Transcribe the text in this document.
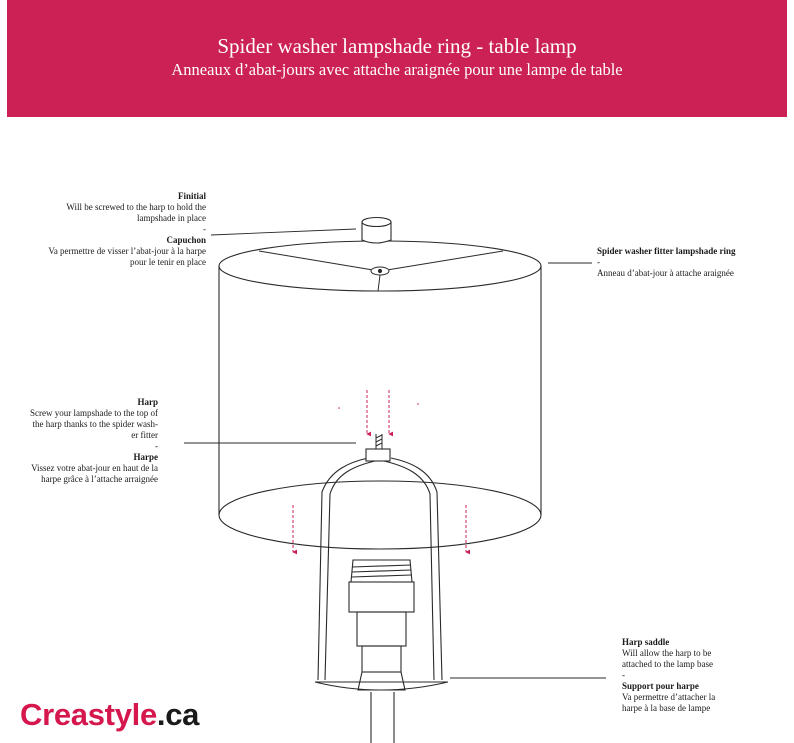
Spider washer lampshade ring - table lamp
Anneaux d’abat-jours avec attache araignée pour une lampe de table
Finitial
Will be screwed to the harp to hold the
lampshade in place
-
Capuchon
Va permettre de visser l’abat-jour à la harpe
pour le tenir en place
Spider washer fitter lampshade ring
-
Anneau d’abat-jour à attache araignée
Harp
Screw your lampshade to the top of
the harp thanks to the spider wash-
er fitter
-
Harpe
Vissez votre abat-jour en haut de la
harpe grâce à l’attache arraignée
Harp saddle
Will allow the harp to be
attached to the lamp base
-
Support pour harpe
Va permettre d’attacher la
harpe à la base de lampe
Creastyle.ca
